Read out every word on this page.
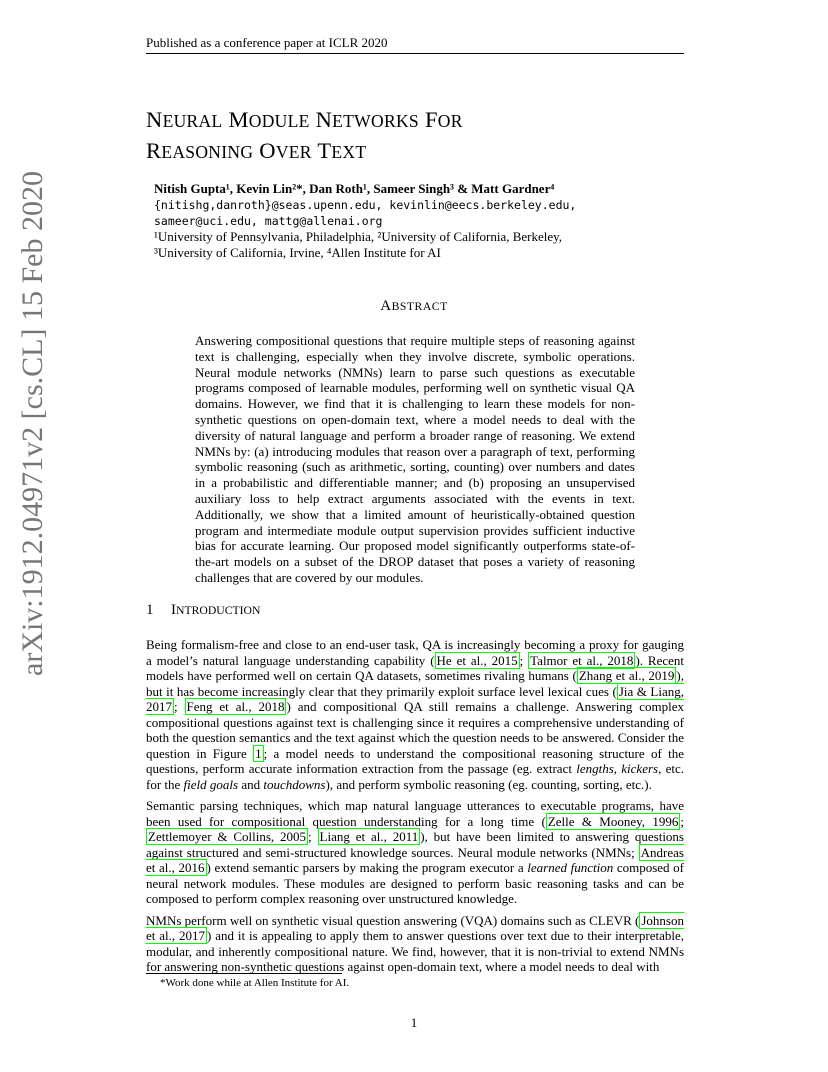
Published as a conference paper at ICLR 2020
arXiv:1912.04971v2 [cs.CL] 15 Feb 2020
NEURAL MODULE NETWORKS FOR
REASONING OVER TEXT
Nitish Gupta¹, Kevin Lin²*, Dan Roth¹, Sameer Singh³ & Matt Gardner⁴
{nitishg,danroth}@seas.upenn.edu, kevinlin@eecs.berkeley.edu,
sameer@uci.edu, mattg@allenai.org
¹University of Pennsylvania, Philadelphia, ²University of California, Berkeley,
³University of California, Irvine, ⁴Allen Institute for AI
ABSTRACT
Answering compositional questions that require multiple steps of reasoning against text is challenging, especially when they involve discrete, symbolic operations. Neural module networks (NMNs) learn to parse such questions as executable programs composed of learnable modules, performing well on synthetic visual QA domains. However, we find that it is challenging to learn these models for non-synthetic questions on open-domain text, where a model needs to deal with the diversity of natural language and perform a broader range of reasoning. We extend NMNs by: (a) introducing modules that reason over a paragraph of text, performing symbolic reasoning (such as arithmetic, sorting, counting) over numbers and dates in a probabilistic and differentiable manner; and (b) proposing an unsupervised auxiliary loss to help extract arguments associated with the events in text. Additionally, we show that a limited amount of heuristically-obtained question program and intermediate module output supervision provides sufficient inductive bias for accurate learning. Our proposed model significantly outperforms state-of-the-art models on a subset of the DROP dataset that poses a variety of reasoning challenges that are covered by our modules.
1 INTRODUCTION

Being formalism-free and close to an end-user task, QA is increasingly becoming a proxy for gauging a model’s natural language understanding capability ( He et al., 2015 ; Talmor et al., 2018 ). Recent models have performed well on certain QA datasets, sometimes rivaling humans ( Zhang et al., 2019 ), but it has become increasingly clear that they primarily exploit surface level lexical cues ( Jia & Liang, 2017 ; Feng et al., 2018 ) and compositional QA still remains a challenge. Answering complex compositional questions against text is challenging since it requires a comprehensive understanding of both the question semantics and the text against which the question needs to be answered. Consider the question in Figure 1 ; a model needs to understand the compositional reasoning structure of the questions, perform accurate information extraction from the passage (eg. extract lengths, kickers, etc. for the field goals and touchdowns), and perform symbolic reasoning (eg. counting, sorting, etc.).

Semantic parsing techniques, which map natural language utterances to executable programs, have been used for compositional question understanding for a long time ( Zelle & Mooney, 1996 ; Zettlemoyer & Collins, 2005 ; Liang et al., 2011 ), but have been limited to answering questions against structured and semi-structured knowledge sources. Neural module networks (NMNs; Andreas et al., 2016 ) extend semantic parsers by making the program executor a learned function composed of neural network modules. These modules are designed to perform basic reasoning tasks and can be composed to perform complex reasoning over unstructured knowledge.

NMNs perform well on synthetic visual question answering (VQA) domains such as CLEVR ( Johnson et al., 2017 ) and it is appealing to apply them to answer questions over text due to their interpretable, modular, and inherently compositional nature. We find, however, that it is non-trivial to extend NMNs for answering non-synthetic questions against open-domain text, where a model needs to deal with

*Work done while at Allen Institute for AI.
1
